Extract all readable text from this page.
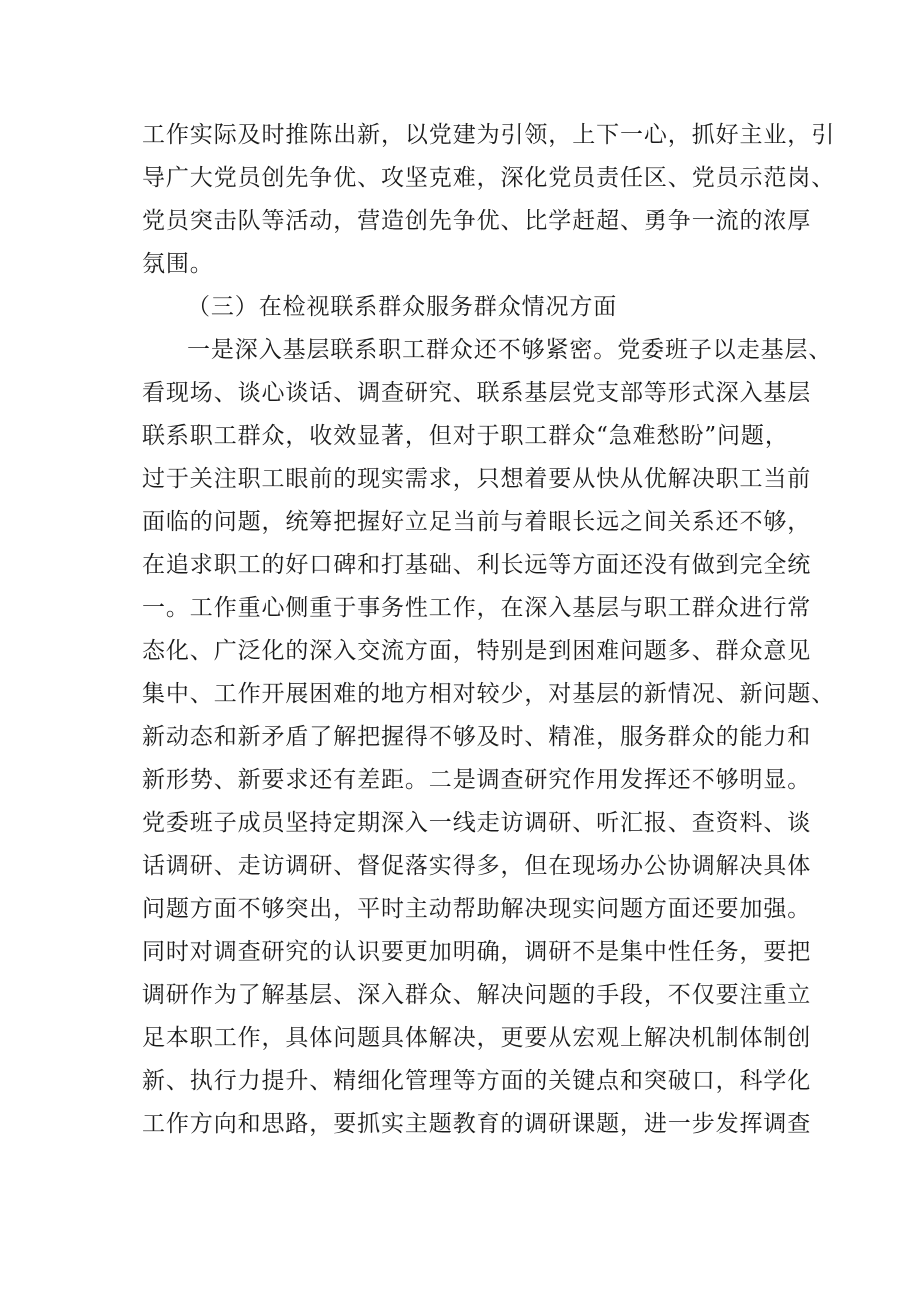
工作实际及时推陈出新，以党建为引领，上下一心，抓好主业，引
导广大党员创先争优、攻坚克难，深化党员责任区、党员示范岗、
党员突击队等活动，营造创先争优、比学赶超、勇争一流的浓厚
氛围。
（三）在检视联系群众服务群众情况方面
一是深入基层联系职工群众还不够紧密。党委班子以走基层、
看现场、谈心谈话、调查研究、联系基层党支部等形式深入基层
联系职工群众，收效显著，但对于职工群众“急难愁盼”问题，
过于关注职工眼前的现实需求，只想着要从快从优解决职工当前
面临的问题，统筹把握好立足当前与着眼长远之间关系还不够，
在追求职工的好口碑和打基础、利长远等方面还没有做到完全统
一。工作重心侧重于事务性工作，在深入基层与职工群众进行常
态化、广泛化的深入交流方面，特别是到困难问题多、群众意见
集中、工作开展困难的地方相对较少，对基层的新情况、新问题、
新动态和新矛盾了解把握得不够及时、精准，服务群众的能力和
新形势、新要求还有差距。二是调查研究作用发挥还不够明显。
党委班子成员坚持定期深入一线走访调研、听汇报、查资料、谈
话调研、走访调研、督促落实得多，但在现场办公协调解决具体
问题方面不够突出，平时主动帮助解决现实问题方面还要加强。
同时对调查研究的认识要更加明确，调研不是集中性任务，要把
调研作为了解基层、深入群众、解决问题的手段，不仅要注重立
足本职工作，具体问题具体解决，更要从宏观上解决机制体制创
新、执行力提升、精细化管理等方面的关键点和突破口，科学化
工作方向和思路，要抓实主题教育的调研课题，进一步发挥调查
